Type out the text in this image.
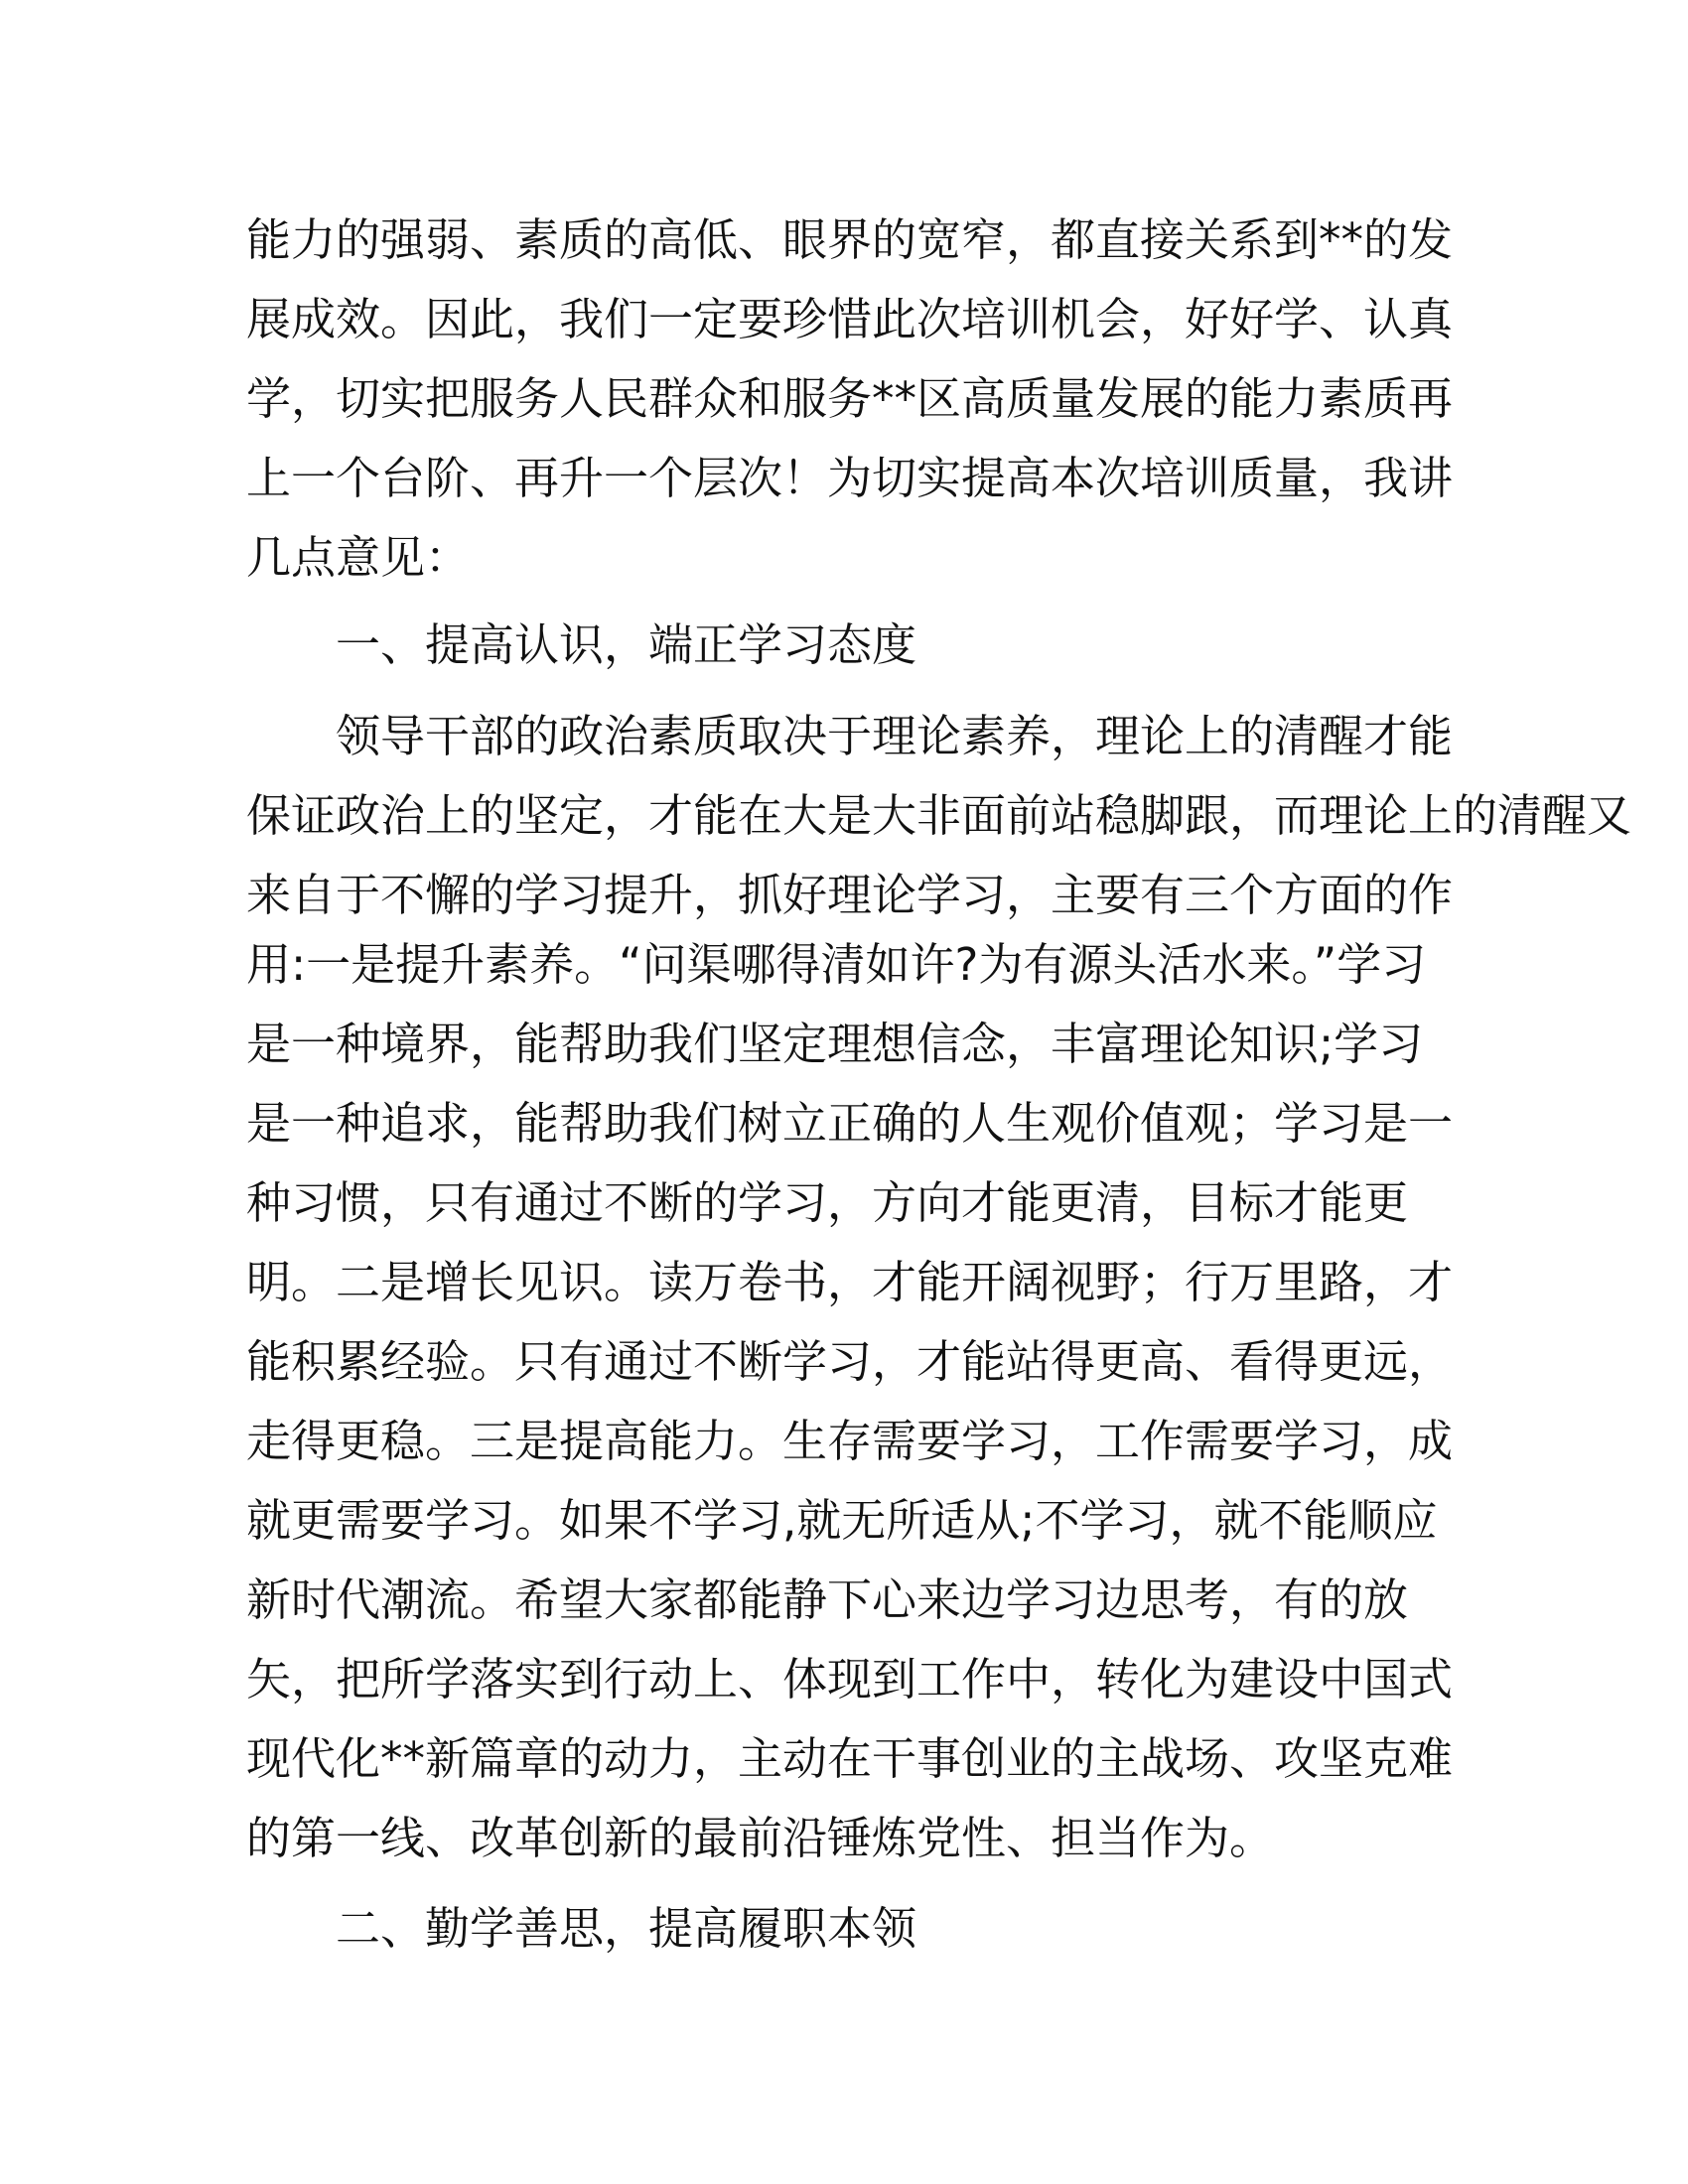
能力的强弱、素质的高低、眼界的宽窄，都直接关系到**的发
展成效。因此，我们一定要珍惜此次培训机会，好好学、认真
学，切实把服务人民群众和服务**区高质量发展的能力素质再
上一个台阶、再升一个层次！为切实提高本次培训质量，我讲
几点意见：
一、提高认识，端正学习态度
领导干部的政治素质取决于理论素养，理论上的清醒才能
保证政治上的坚定，才能在大是大非面前站稳脚跟，而理论上的清醒又
来自于不懈的学习提升，抓好理论学习，主要有三个方面的作
用:一是提升素养。“问渠哪得清如许?为有源头活水来。”学习
是一种境界，能帮助我们坚定理想信念，丰富理论知识;学习
是一种追求，能帮助我们树立正确的人生观价值观；学习是一
种习惯，只有通过不断的学习，方向才能更清，目标才能更
明。二是增长见识。读万卷书，才能开阔视野；行万里路，才
能积累经验。只有通过不断学习，才能站得更高、看得更远，
走得更稳。三是提高能力。生存需要学习，工作需要学习，成
就更需要学习。如果不学习,就无所适从;不学习，就不能顺应
新时代潮流。希望大家都能静下心来边学习边思考，有的放
矢，把所学落实到行动上、体现到工作中，转化为建设中国式
现代化**新篇章的动力，主动在干事创业的主战场、攻坚克难
的第一线、改革创新的最前沿锤炼党性、担当作为。
二、勤学善思，提高履职本领
